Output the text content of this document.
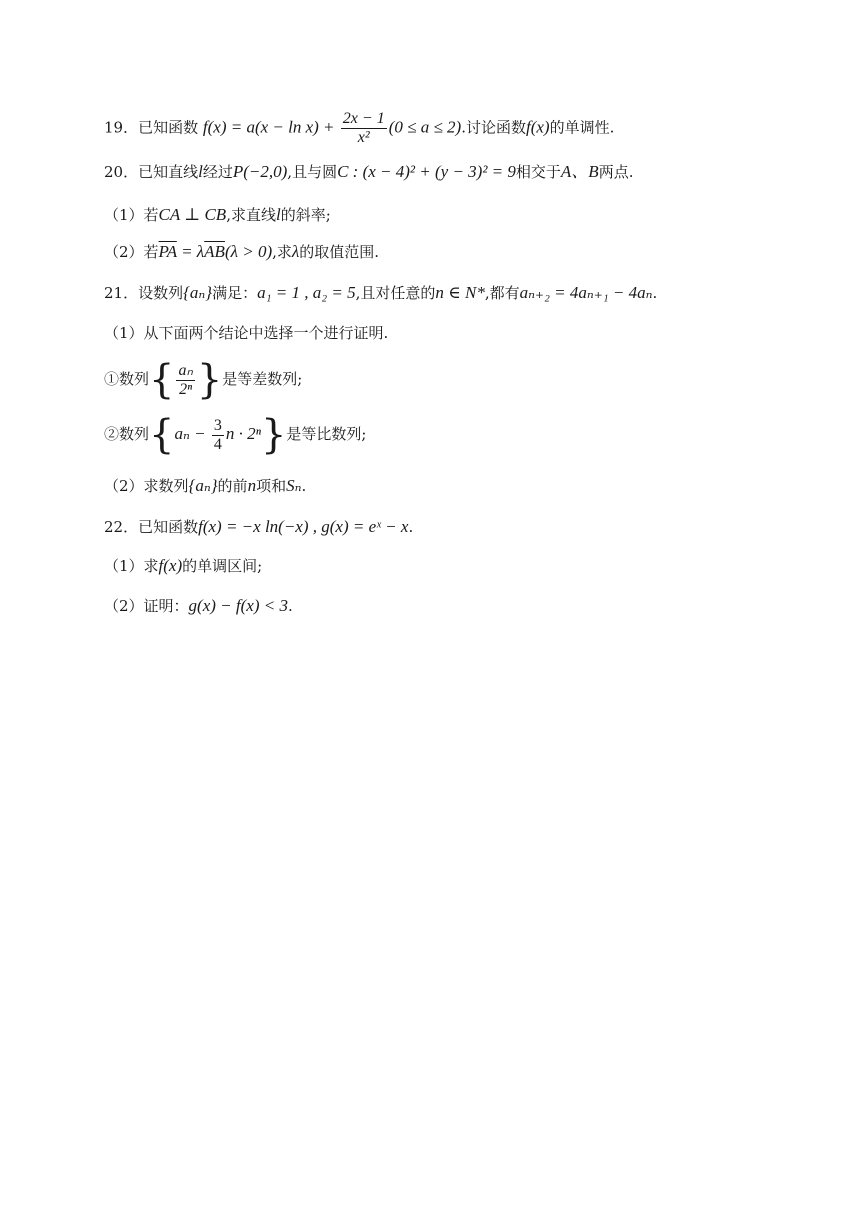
19．已知函数 $f(x) = a(x - \ln x) + \frac{2x - 1}{\text{x²}} (0 \le a \le 2)$.讨论函数f(x)的单调性.
20．已知直线l经过P(−2,0),且与圆C : (x − 4)² + (y − 3)² = 9相交于A、B两点.
（1）若CA ⊥ CB,求直线l的斜率;
（2）若$\overline{PA} = \lambda\overline{AB}(\lambda > 0)$,求λ的取值范围.
21．设数列{aₙ}满足：a₁ = 1 , a₂ = 5,且对任意的n ∈ N*,都有aₙ₊₂ = 4aₙ₊₁ − 4aₙ.
（1）从下面两个结论中选择一个进行证明.
①数列{ $\frac{\text{aₙ}}{\text{2ⁿ}}$ }是等差数列;
②数列{$a_n - \frac{3}{4}$ n · 2ⁿ}是等比数列;
（2）求数列{aₙ}的前n项和Sₙ.
22．已知函数f(x) = −x ln(−x) , g(x) = eˣ − x.
（1）求f(x)的单调区间;
（2）证明：g(x) − f(x) < 3.
